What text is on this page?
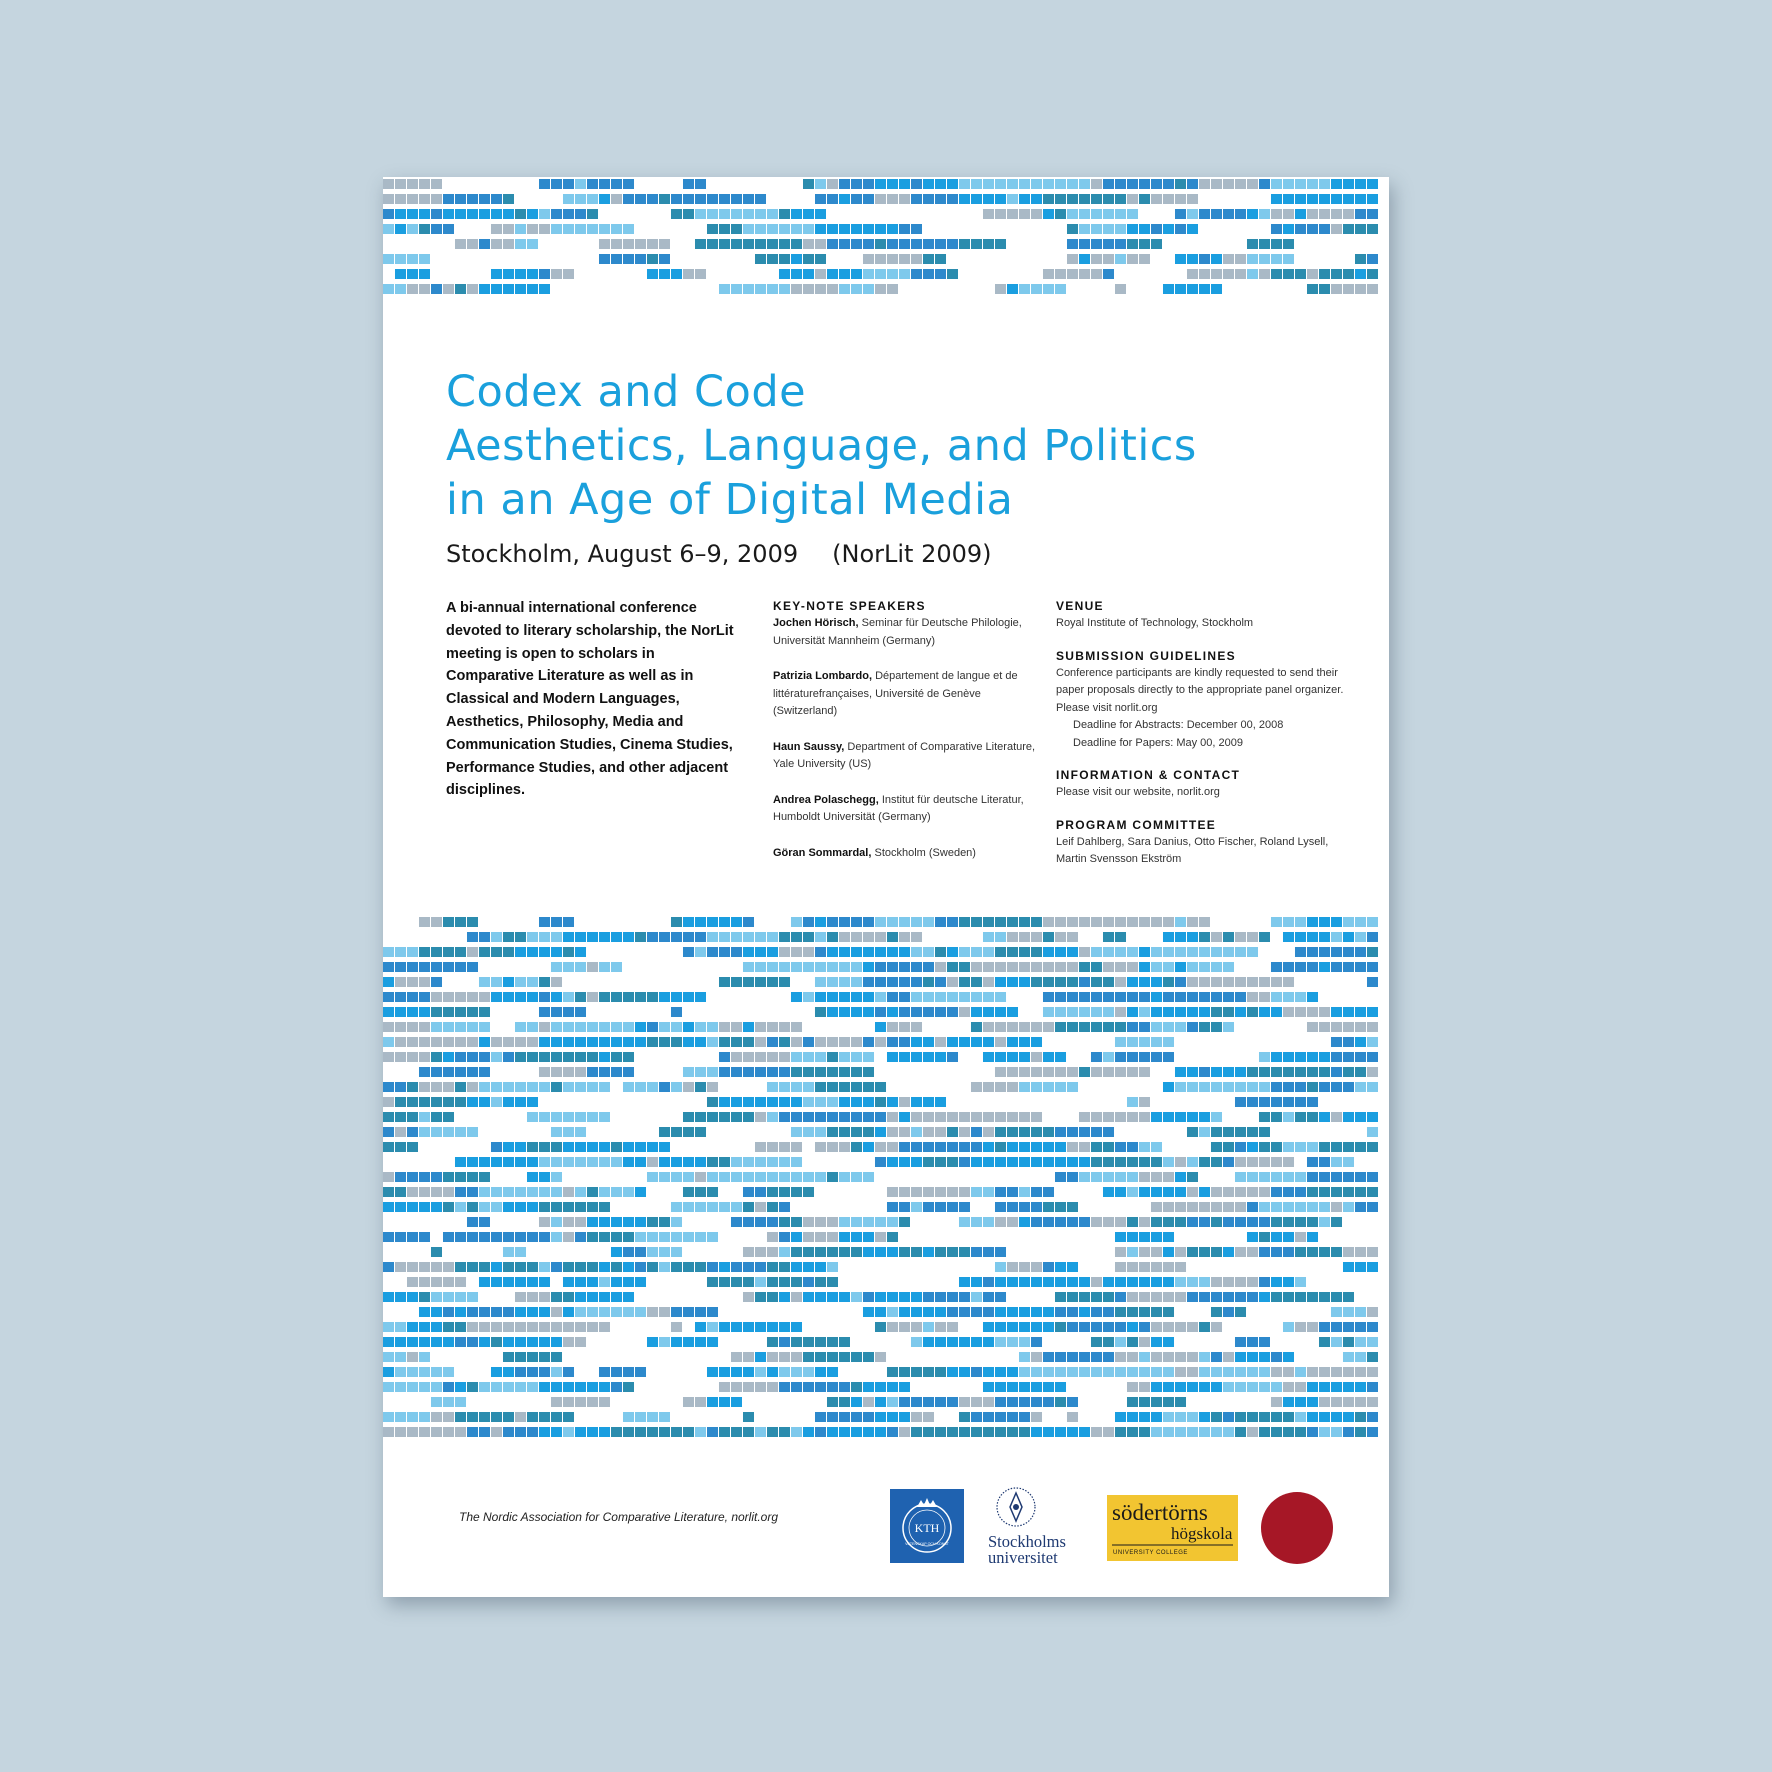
Codex and Code
Aesthetics, Language, and Politics
in an Age of Digital Media
Stockholm, August 6–9, 2009 (NorLit 2009)
A bi-annual international conference devoted to literary scholarship, the NorLit meeting is open to scholars in Comparative Literature as well as in Classical and Modern Languages, Aesthetics, Philosophy, Media and Communication Studies, Cinema Studies, Performance Studies, and other adjacent disciplines.
KEY-NOTE SPEAKERS
Jochen Hörisch, Seminar für Deutsche Philologie, Universität Mannheim (Germany)
Patrizia Lombardo, Département de langue et de littératurefrançaises, Université de Genève (Switzerland)
Haun Saussy, Department of Comparative Literature, Yale University (US)
Andrea Polaschegg, Institut für deutsche Literatur, Humboldt Universität (Germany)
Göran Sommardal, Stockholm (Sweden)
VENUE
Royal Institute of Technology, Stockholm
SUBMISSION GUIDELINES
Conference participants are kindly requested to send their paper proposals directly to the appropriate panel organizer. Please visit norlit.org
Deadline for Abstracts: December 00, 2008
Deadline for Papers: May 00, 2009
INFORMATION & CONTACT
Please visit our website, norlit.org
PROGRAM COMMITTEE
Leif Dahlberg, Sara Danius, Otto Fischer, Roland Lysell, Martin Svensson Ekström
The Nordic Association for Comparative Literature, norlit.org
KTH
VETENSKAP OCH KONST Stockholms
universitet
södertörns
högskola
UNIVERSITY COLLEGE
